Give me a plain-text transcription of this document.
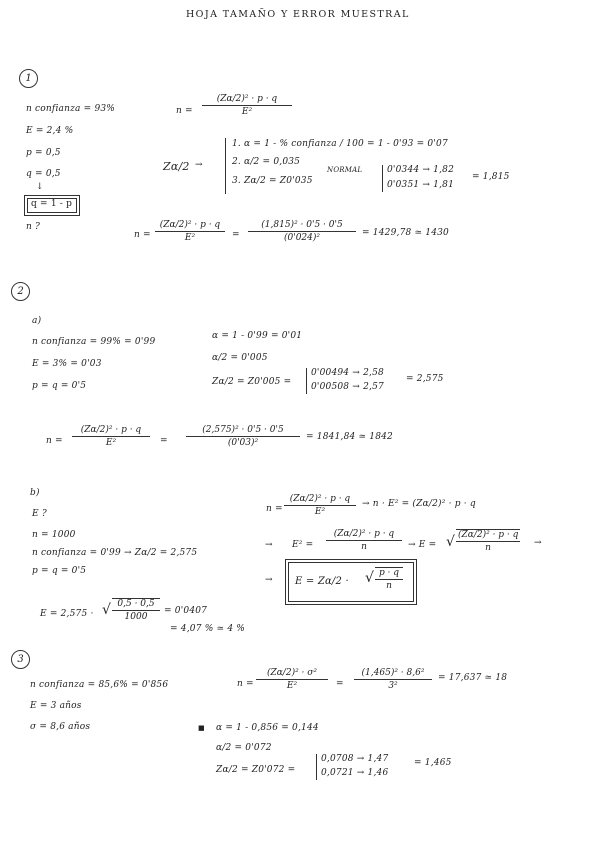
HOJA TAMAÑO Y ERROR MUESTRAL
1
n confianza = 93%
E = 2,4 %
p = 0,5
q = 0,5
↓
q = 1 - p
n ?
$n = \frac{\text{(Zα/2)² · p · q}}{\text{E²}}$
Zα/2 →
1. α = 1 - % confianza / 100 = 1 - 0'93 = 0'07
2. α/2 = 0,035
3. Zα/2 = Z0'035
NORMAL	0'0344 → 1,82
0'0351 → 1,81
= 1,815
$n = \frac{\text{(Zα/2)² · p · q}}{\text{E²}} = \frac{\text{(1,815)² · 0'5 · 0'5}}{\text{(0'024)²}} = 1429,78$ ≃ 1430
2
a)
n confianza = 99% = 0'99
E = 3% = 0'03
p = q = 0'5
α = 1 - 0'99 = 0'01
α/2 = 0'005
Zα/2 = Z0'005 =
0'00494 → 2,58
0'00508 → 2,57
= 2,575
$n = \frac{\text{(Zα/2)² · p · q}}{\text{E²}} = \frac{\text{(2,575)² · 0'5 · 0'5}}{\text{(0'03)²}} = 1841,84$ ≃ 1842
b)
E ?
n = 1000
n confianza = 0'99 → Zα/2 = 2,575
p = q = 0'5
$n = \frac{\text{(Zα/2)² · p · q}}{\text{E²}} \to n \cdot E^2 = (Z\alpha/2)^2 \cdot p \cdot q$
→ $E^2 = \frac{\text{(Zα/2)² · p · q}}{n} \to E$ = √ $\frac{\text{(Zα/2)² · p · q}}{n}$ →
→ E = Zα/2 · √ $\frac{p \cdot q}{n}$
E = 2,575 · √ $\frac{0,5 \cdot 0,5}{1000} = 0'0407$
= 4,07 % ≃ 4 %
3
n confianza = 85,6% = 0'856
E = 3 años
σ = 8,6 años
$n = \frac{\text{(Zα/2)² · σ²}}{\text{E²}} = \frac{\text{(1,465)² · 8,6²}}{\text{3²}} = 17,637$ ≃ 18
■ α = 1 - 0,856 = 0,144
α/2 = 0'072
Zα/2 = Z0'072 =
0,0708 → 1,47
0,0721 → 1,46
= 1,465
